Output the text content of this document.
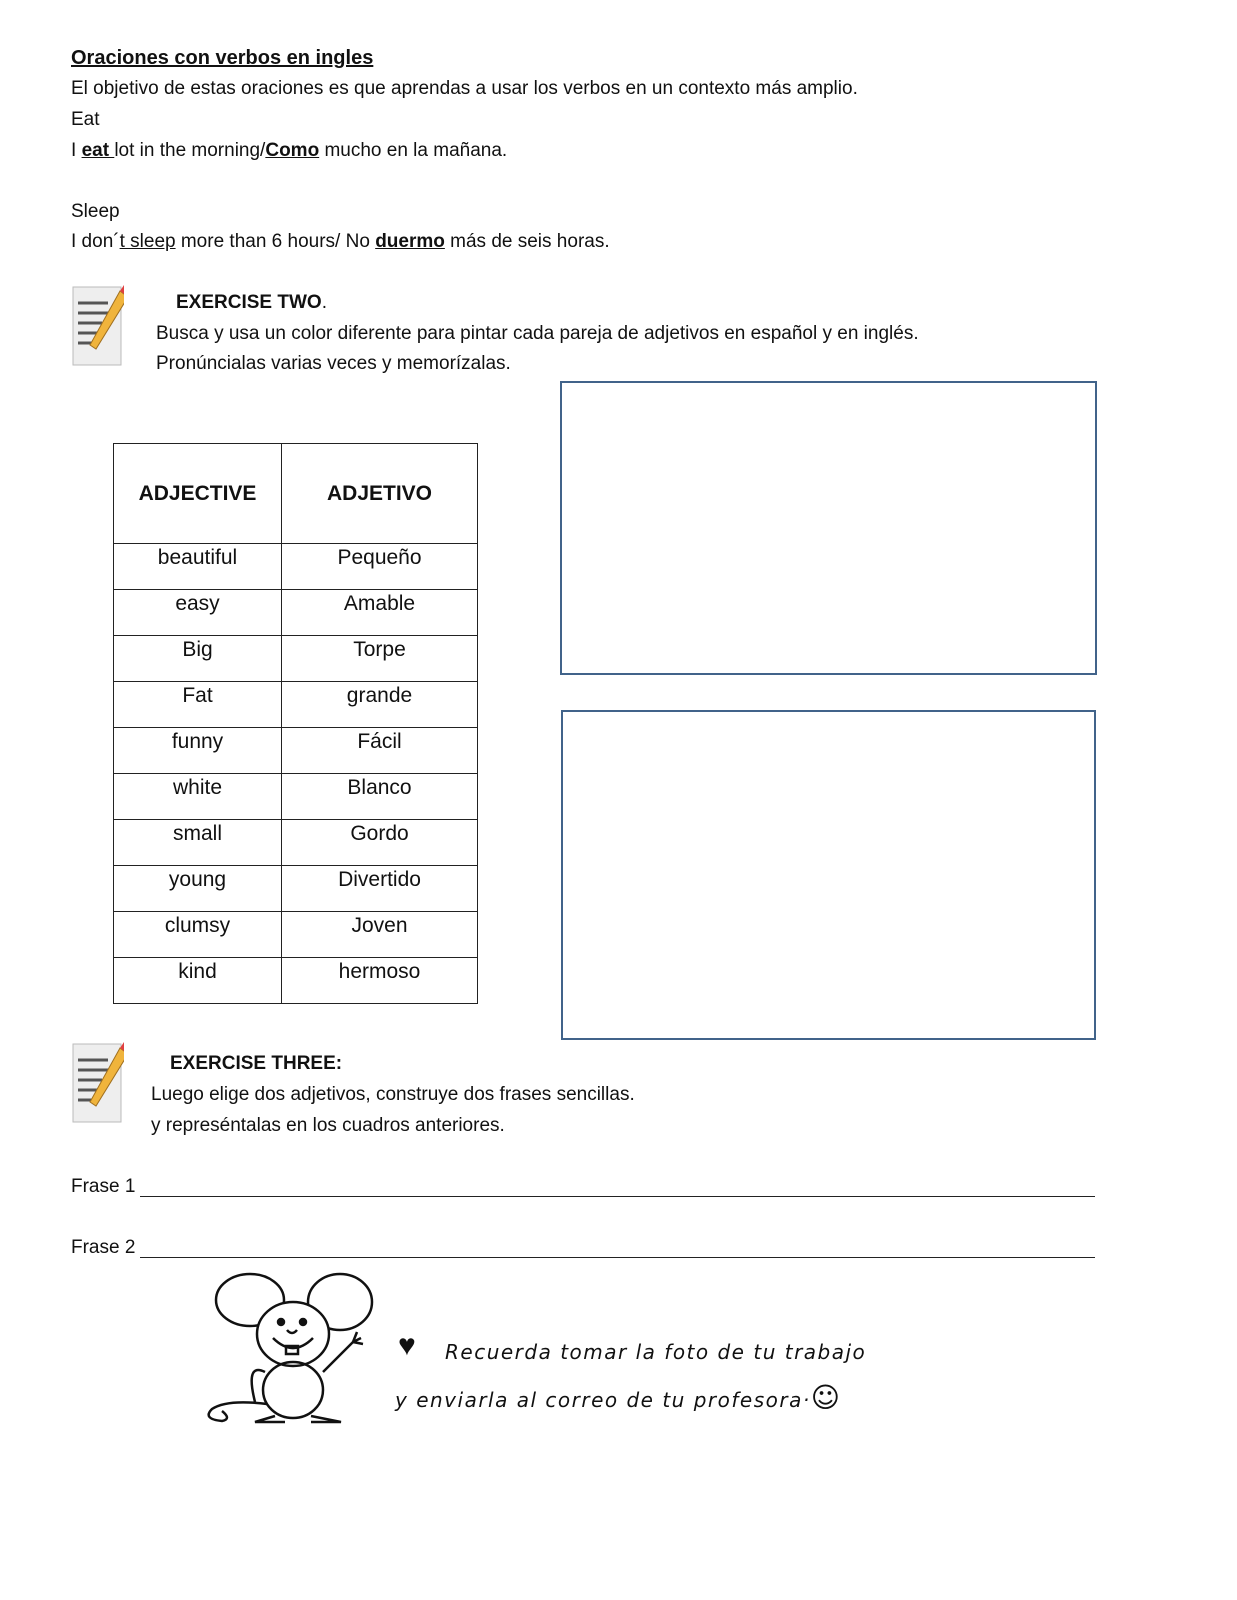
Oraciones con verbos en ingles
El objetivo de estas oraciones es que aprendas a usar los verbos en un contexto más amplio.
Eat
I eat lot in the morning/Como mucho en la mañana.
Sleep
I don´t sleep more than 6 hours/ No duermo más de seis horas.
EXERCISE TWO.
Busca y usa un color diferente para pintar cada pareja de adjetivos en español y en inglés.
Pronúncialas varias veces y memorízalas.
ADJECTIVE	ADJETIVO
beautiful	Pequeño
easy	Amable
Big	Torpe
Fat	grande
funny	Fácil
white	Blanco
small	Gordo
young	Divertido
clumsy	Joven
kind	hermoso
EXERCISE THREE:
Luego elige dos adjetivos, construye dos frases sencillas.
y represéntalas en los cuadros anteriores.
Frase 1
Frase 2
♥ Recuerda tomar la foto de tu trabajo
y enviarla al correo de tu profesora·☺
